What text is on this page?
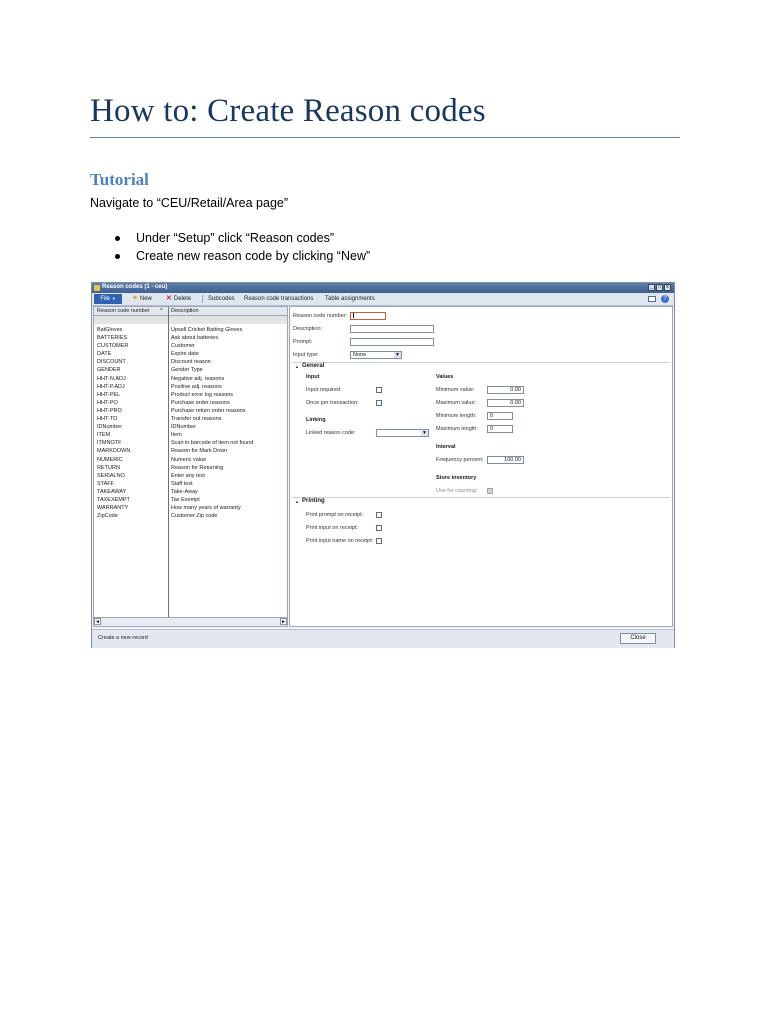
How to: Create Reason codes
Tutorial
Navigate to “CEU/Retail/Area page”
Under “Setup” click “Reason codes”
Create new reason code by clicking “New”
Reason codes (1 - ceu)	_	□	x
File ▼	✷ New ✕ Delete	Subcodes Reason code transactions Table assignments	?
Reason code number ^ Description
BatGloves	Upsell Cricket Batting Gloves
BATTERIES	Ask about batteries
CUSTOMER	Customer
DATE	Expire date
DISCOUNT	Discount reason
GENDER	Gender Type
HHT-N.ADJ	Negative adj. reasons
HHT-P.ADJ	Positive adj. reasons
HHT-PEL	Product error log reasons
HHT-PO	Purchase order reasons
HHT-PRO	Purchase return order reasons
HHT-TO	Transfer out reasons
IDNumber	IDNumber
ITEM	Item
ITMNOTF	Scan in barcode of item not found
MARKDOWN	Reason for Mark Down
NUMERIC	Numeric value
RETURN	Reason for Returning
SERIALNO.	Enter any text
STAFF	Staff test
TAKEAWAY	Take-Away
TAXEXEMPT	Tax Exempt
WARRANTY	How many years of warranty
ZipCode	Customer Zip code
◄	►
Reason code number:
Description:
Prompt:
Input type:	None	▼
▲ General
Input
Input required:
Once per transaction:
Linking
Linked reason code:	▼
Values
Minimum value:	0.00
Maximum value:	0.00
Minimum length:	0
Maximum length:	0
Interval
Frequency percent:	100.00
Store inventory
Use for counting:
▲ Printing
Print prompt on receipt:
Print input on receipt:
Print input name on receipt:
Create a new record	Close
